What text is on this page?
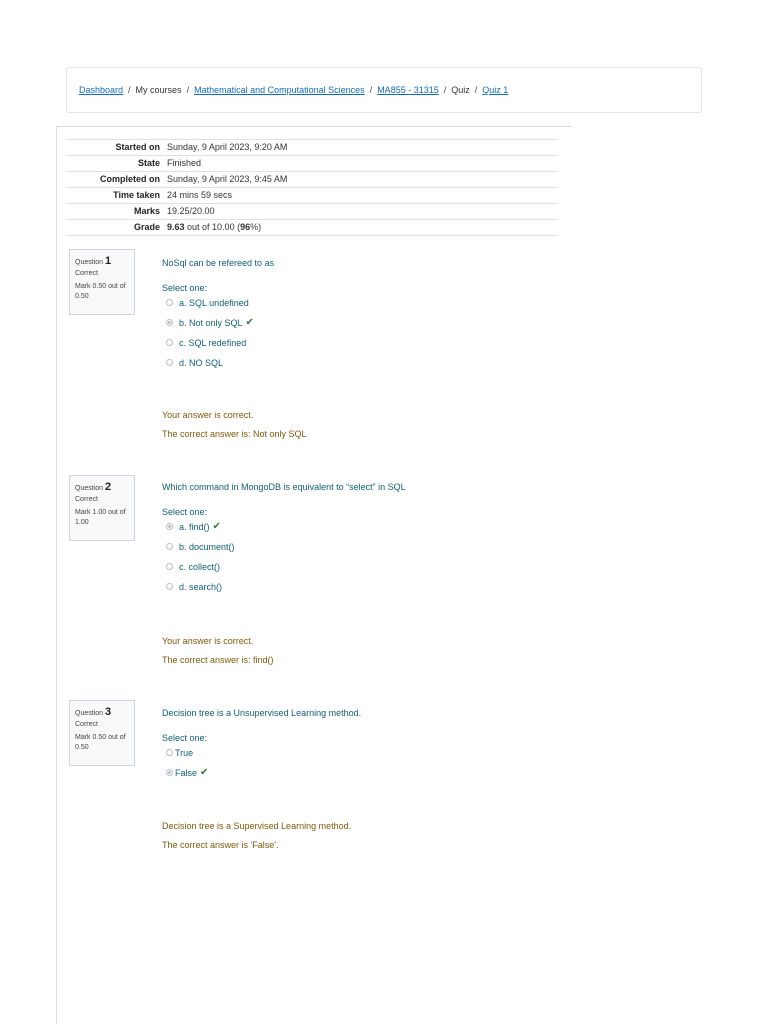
Dashboard / My courses / Mathematical and Computational Sciences / MA855 - 31315 / Quiz / Quiz 1
Started on	Sunday, 9 April 2023, 9:20 AM
State	Finished
Completed on	Sunday, 9 April 2023, 9:45 AM
Time taken	24 mins 59 secs
Marks	19.25/20.00
Grade	9.63 out of 10.00 (96%)
Question 1
Correct
Mark 0.50 out of 0.50
NoSql can be refereed to as
Select one:
a. SQL undefined
b. Not only SQL ✔
c. SQL redefined
d. NO SQL
Your answer is correct.
The correct answer is: Not only SQL
Question 2
Correct
Mark 1.00 out of 1.00
Which command in MongoDB is equivalent to “select” in SQL
Select one:
a. find() ✔
b. document()
c. collect()
d. search()
Your answer is correct.
The correct answer is: find()
Question 3
Correct
Mark 0.50 out of 0.50
Decision tree is a Unsupervised Learning method.
Select one:
True
False ✔
Decision tree is a Supervised Learning method.
The correct answer is 'False'.
